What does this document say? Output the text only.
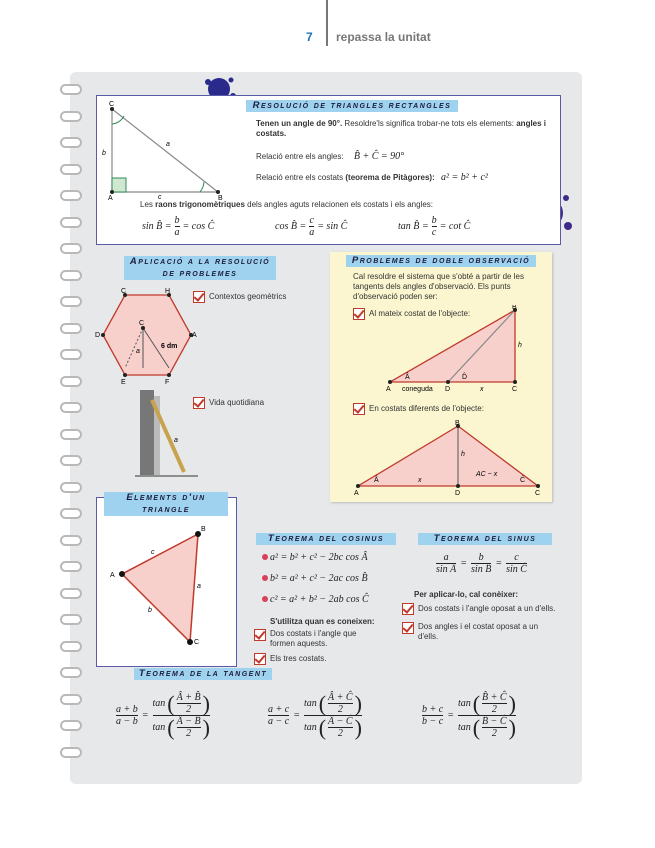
7 repassa la unitat
Resolució de triangles rectangles
C
A	B
a
b
c
Tenen un angle de 90°. Resoldre'ls significa trobar-ne tots els elements: angles i costats.
Relació entre els angles: B̂ + Ĉ = 90°
Relació entre els costats (teorema de Pitàgores): a² = b² + c²
Les raons trigonomètriques dels angles aguts relacionen els costats i els angles:
sin B̂ = $\frac{b}{a} = \cos$ Ĉ	cos B̂ = $\frac{c}{a} = \sin$ Ĉ	tan B̂ = $\frac{b}{c} = \cot$ Ĉ
Aplicació a la resolució
de problemes
C	H
D	A
E	F
C
a
6 dm
Contextos geomètrics
a
Vida quotidiana
Problemes de doble observació
Cal resoldre el sistema que s'obté a partir de les tangents dels angles d'observació. Els punts d'observació poden ser:
Al mateix costat de l'objecte:
A	D	C
B
h
Â	D̂
coneguda	x
En costats diferents de l'objecte:
A	D	C
B
h
Â	Ĉ
x
AC − x
Elements d'un
triangle
A
B
C
a
b
c
Teorema del cosinus
a² = b² + c² − 2bc cos Â
b² = a² + c² − 2ac cos B̂
c² = a² + b² − 2ab cos Ĉ
S'utilitza quan es coneixen:
Dos costats i l'angle que formen aquests.
Els tres costats.
Teorema del sinus
$\frac{a}{\text{sin Â}} = \frac{b}{\text{sin B̂}} = \frac{c}{\text{sin Ĉ}}$
Per aplicar-lo, cal conèixer:
Dos costats i l'angle oposat a un d'ells.
Dos angles i el costat oposat a un d'ells.
Teorema de la tangent
$\frac{a + b}{a - b} = \frac{\tan ( \frac{Â + B̂}{2} )}{\tan ( \frac{Â - B̂}{2} )}$	$\frac{a + c}{a - c} = \frac{\tan ( \frac{Â + Ĉ}{2} )}{\tan ( \frac{Â - Ĉ}{2} )}$	$\frac{b + c}{b - c} = \frac{\tan ( \frac{B̂ + Ĉ}{2} )}{\tan ( \frac{B̂ - Ĉ}{2} )}$
